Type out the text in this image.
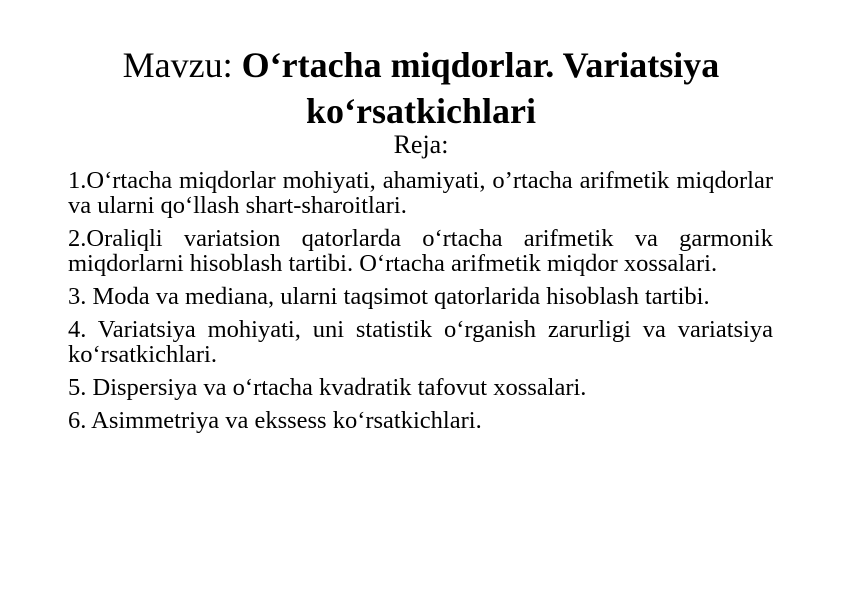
Mavzu: O‘rtacha miqdorlar. Variatsiya ko‘rsatkichlari
Reja:
1.O‘rtacha miqdorlar mohiyati, ahamiyati, o’rtacha arifmetik miqdorlar va ularni qo‘llash shart-sharoitlari.
2.Oraliqli variatsion qatorlarda o‘rtacha arifmetik va garmonik miqdorlarni hisoblash tartibi. O‘rtacha arifmetik miqdor xossalari.
3. Moda va mediana, ularni taqsimot qatorlarida hisoblash tartibi.
4. Variatsiya mohiyati, uni statistik o‘rganish zarurligi va variatsiya ko‘rsatkichlari.
5. Dispersiya va o‘rtacha kvadratik tafovut xossalari.
6. Asimmetriya va ekssess ko‘rsatkichlari.
